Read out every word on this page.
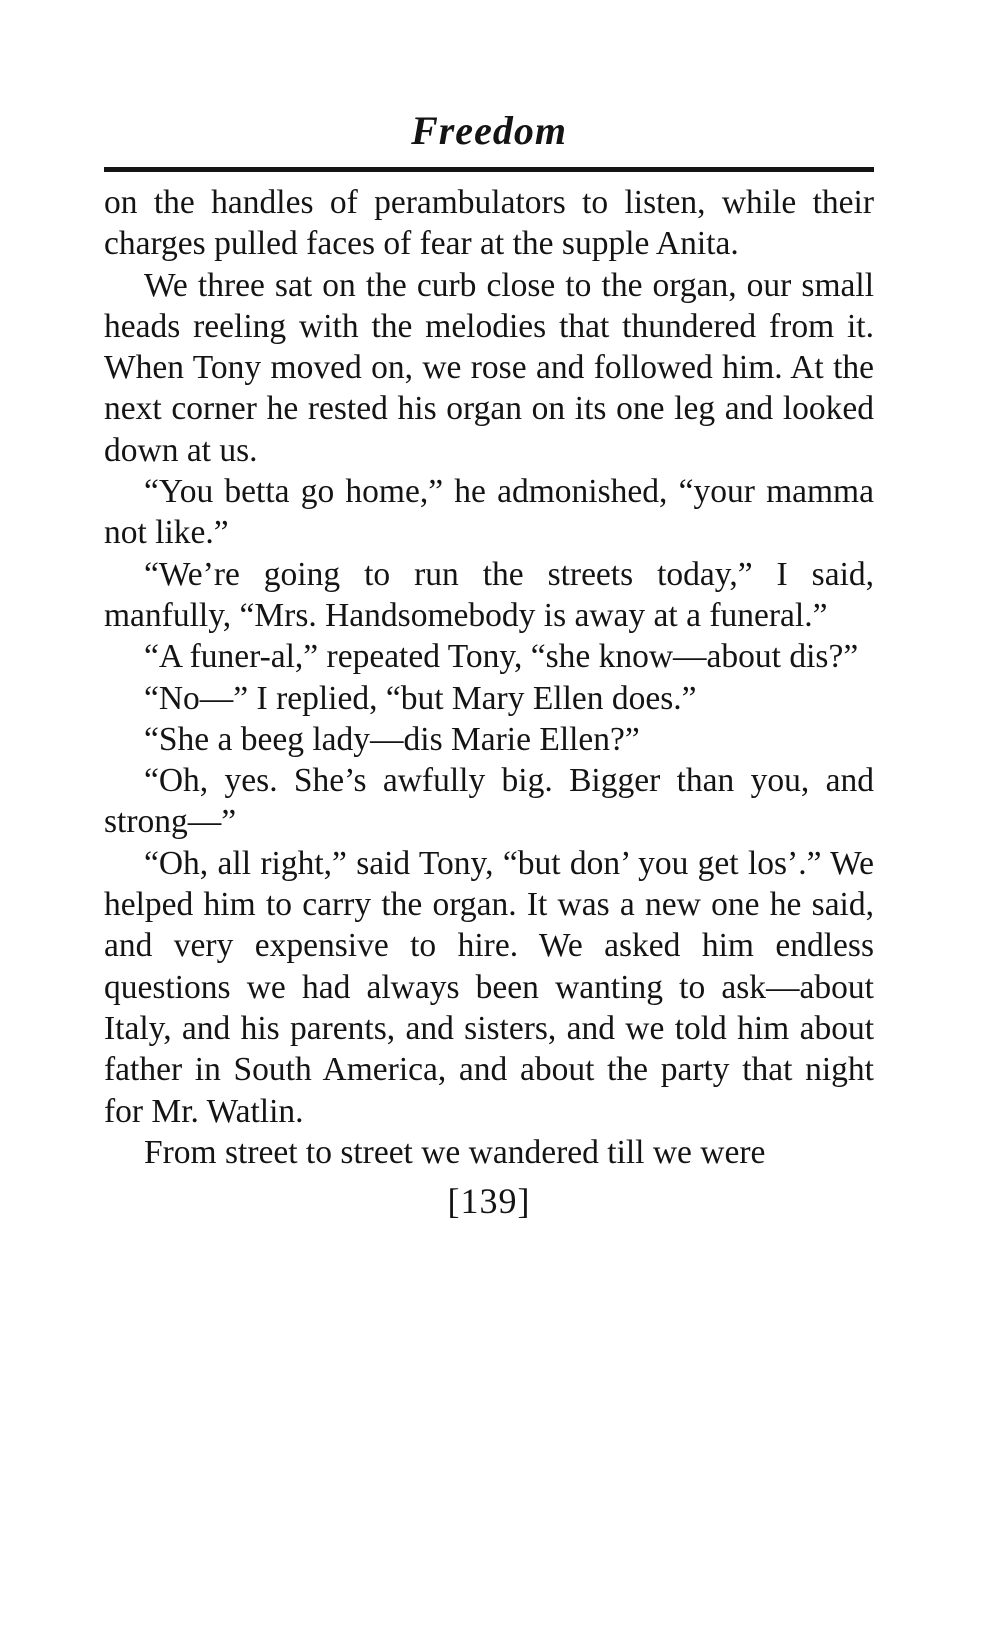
Freedom

on the handles of perambulators to listen, while their charges pulled faces of fear at the supple Anita.

We three sat on the curb close to the organ, our small heads reeling with the melodies that thundered from it. When Tony moved on, we rose and followed him. At the next corner he rested his organ on its one leg and looked down at us.

“You betta go home,” he admonished, “your mamma not like.”

“We’re going to run the streets today,” I said, manfully, “Mrs. Handsomebody is away at a funeral.”

“A funer-al,” repeated Tony, “she know—about dis?”

“No—” I replied, “but Mary Ellen does.”

“She a beeg lady—dis Marie Ellen?”

“Oh, yes. She’s awfully big. Bigger than you, and strong—”

“Oh, all right,” said Tony, “but don’ you get los’.” We helped him to carry the organ. It was a new one he said, and very expensive to hire. We asked him endless questions we had always been wanting to ask—about Italy, and his parents, and sisters, and we told him about father in South America, and about the party that night for Mr. Watlin.

From street to street we wandered till we were

[139]
